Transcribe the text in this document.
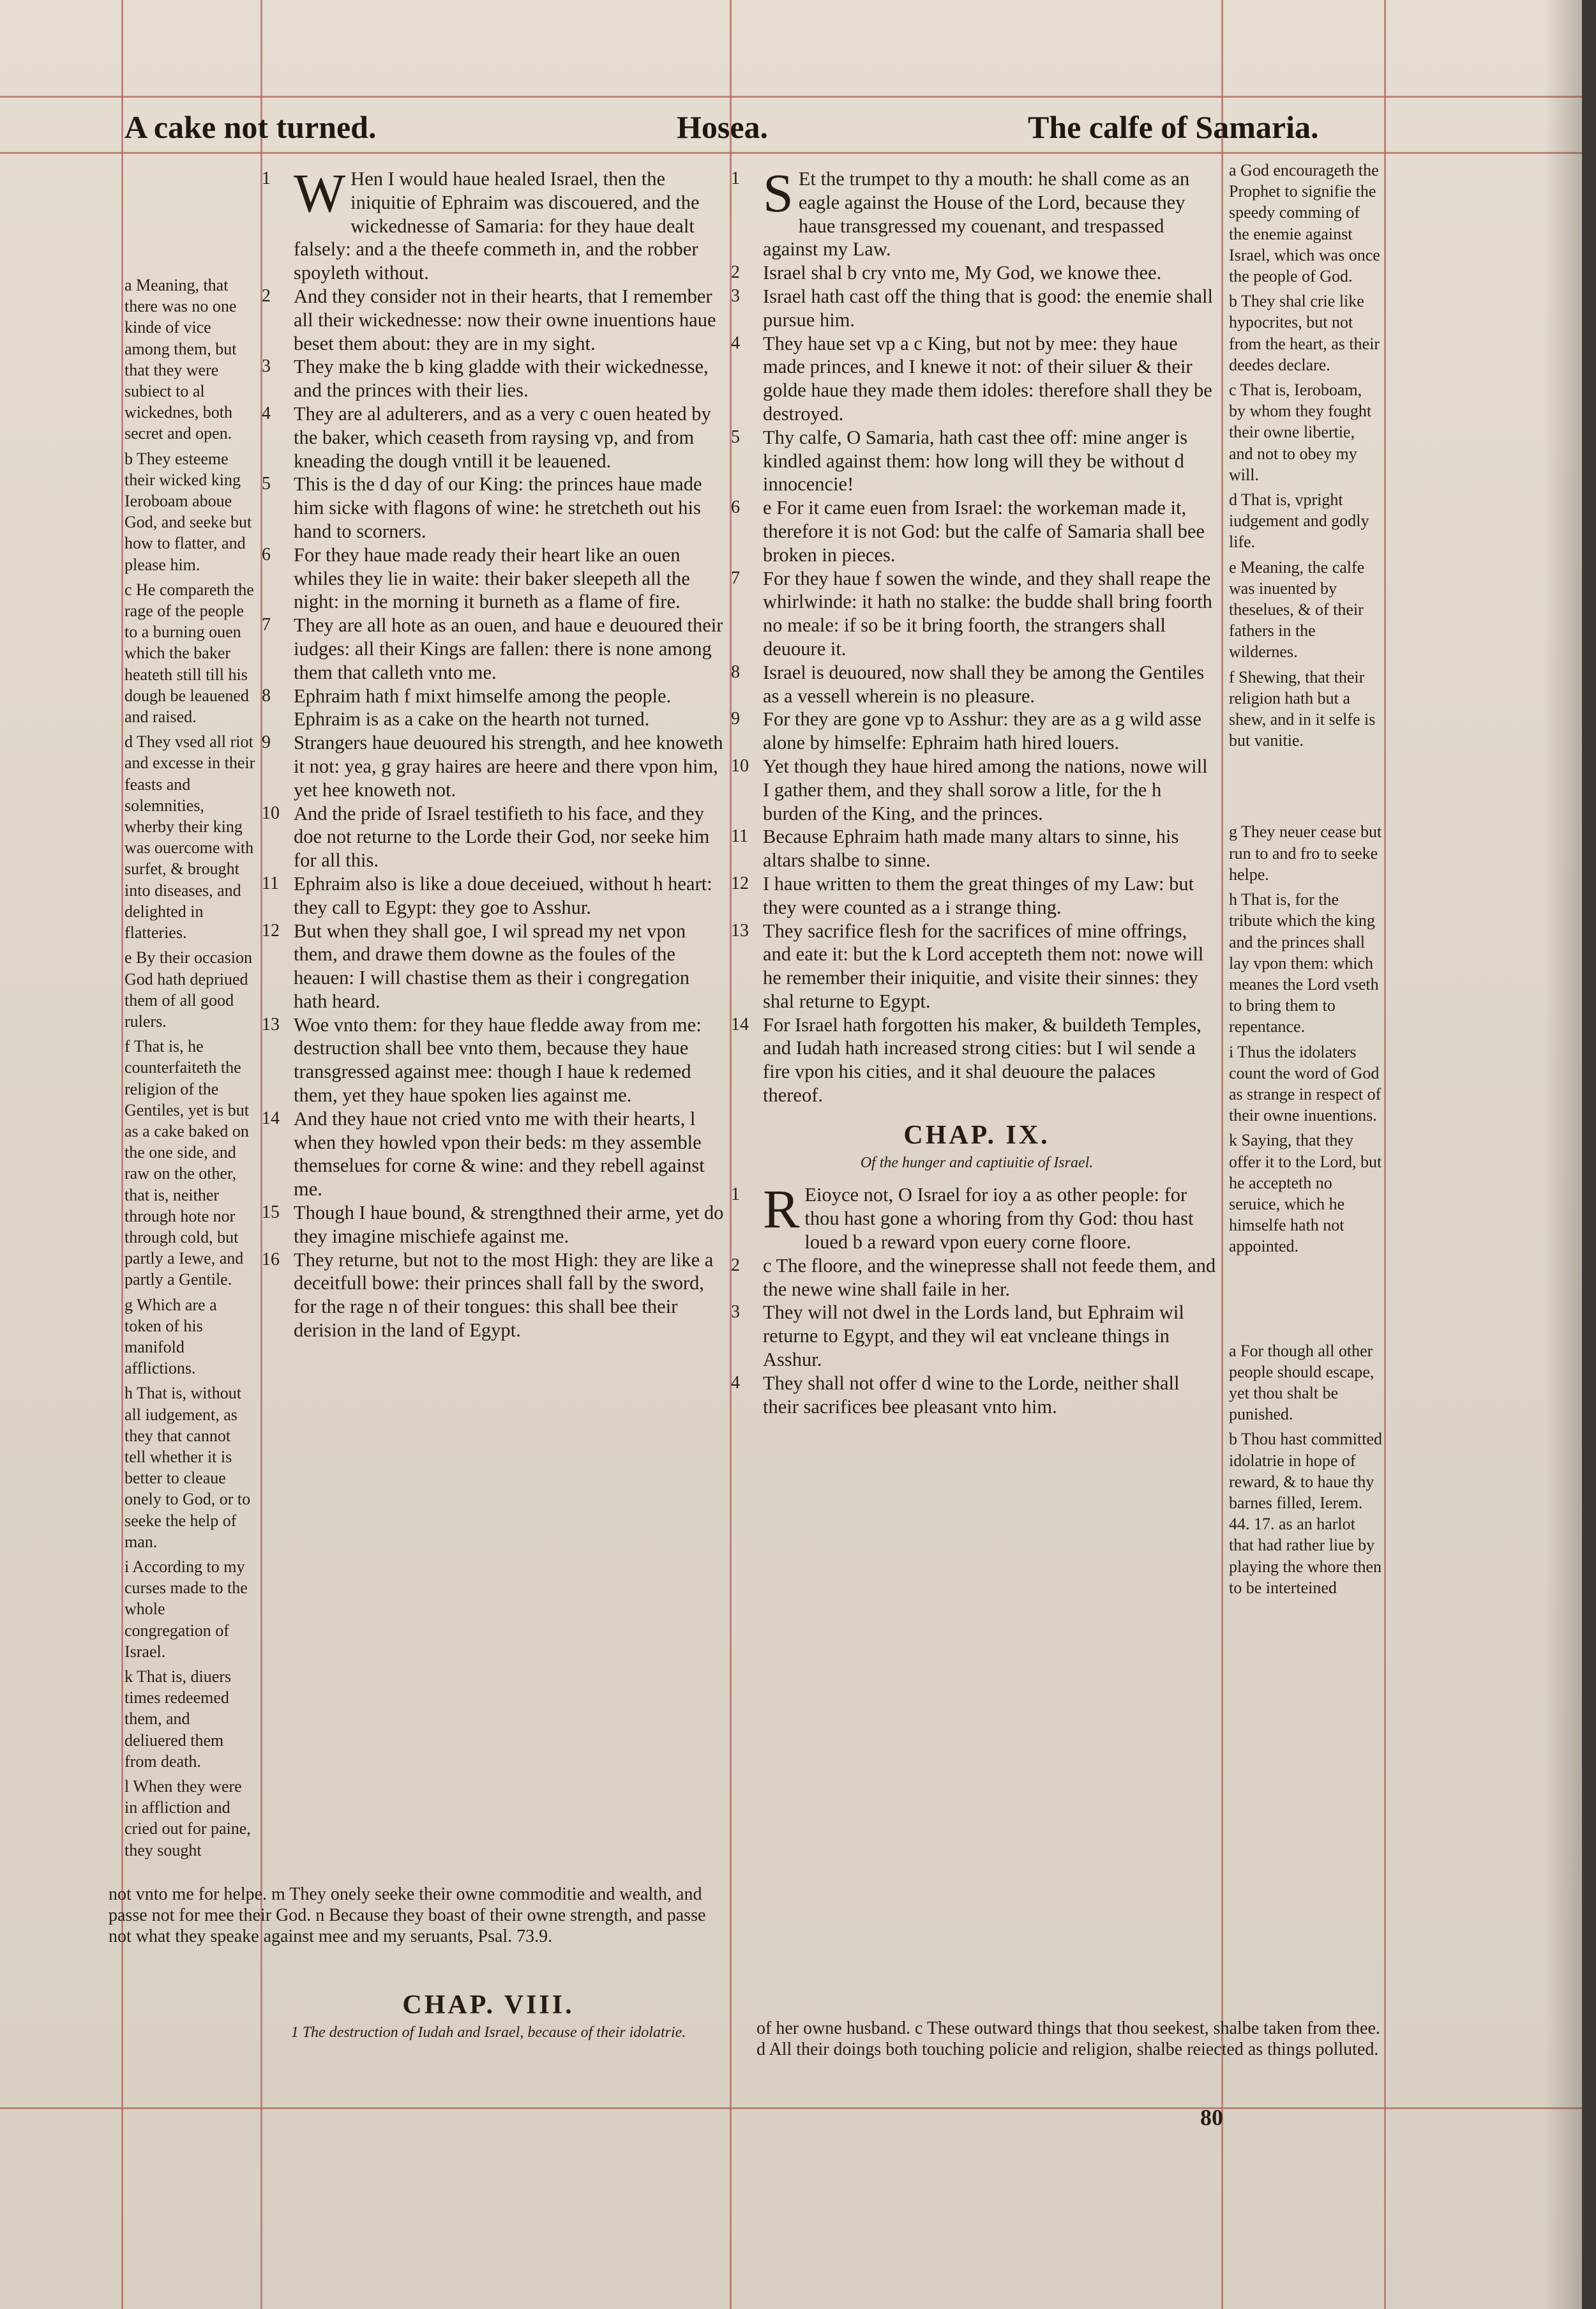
A cake not turned.	Hosea.	The calfe of Samaria.
a Meaning, that there was no one kinde of vice among them, but that they were subiect to al wickednes, both secret and open.
b They esteeme their wicked king Ieroboam aboue God, and seeke but how to flatter, and please him.
c He compareth the rage of the people to a burning ouen which the baker heateth still till his dough be leauened and raised.
d They vsed all riot and excesse in their feasts and solemnities, wherby their king was ouercome with surfet, & brought into diseases, and delighted in flatteries.
e By their occasion God hath depriued them of all good rulers.
f That is, he counterfaiteth the religion of the Gentiles, yet is but as a cake baked on the one side, and raw on the other, that is, neither through hote nor through cold, but partly a Iewe, and partly a Gentile.
g Which are a token of his manifold afflictions.
h That is, without all iudgement, as they that cannot tell whether it is better to cleaue onely to God, or to seeke the help of man.
i According to my curses made to the whole congregation of Israel.
k That is, diuers times redeemed them, and deliuered them from death.
l When they were in affliction and cried out for paine, they sought
1 W Hen I would haue healed Israel, then the iniquitie of Ephraim was discouered, and the wickednesse of Samaria: for they haue dealt falsely: and a the theefe commeth in, and the robber spoyleth without.
2 And they consider not in their hearts, that I remember all their wickednesse: now their owne inuentions haue beset them about: they are in my sight.
3 They make the b king gladde with their wickednesse, and the princes with their lies.
4 They are al adulterers, and as a very c ouen heated by the baker, which ceaseth from raysing vp, and from kneading the dough vntill it be leauened.
5 This is the d day of our King: the princes haue made him sicke with flagons of wine: he stretcheth out his hand to scorners.
6 For they haue made ready their heart like an ouen whiles they lie in waite: their baker sleepeth all the night: in the morning it burneth as a flame of fire.
7 They are all hote as an ouen, and haue e deuoured their iudges: all their Kings are fallen: there is none among them that calleth vnto me.
8 Ephraim hath f mixt himselfe among the people. Ephraim is as a cake on the hearth not turned.
9 Strangers haue deuoured his strength, and hee knoweth it not: yea, g gray haires are heere and there vpon him, yet hee knoweth not.
10 And the pride of Israel testifieth to his face, and they doe not returne to the Lorde their God, nor seeke him for all this.
11 Ephraim also is like a doue deceiued, without h heart: they call to Egypt: they goe to Asshur.
12 But when they shall goe, I wil spread my net vpon them, and drawe them downe as the foules of the heauen: I will chastise them as their i congregation hath heard.
13 Woe vnto them: for they haue fledde away from me: destruction shall bee vnto them, because they haue transgressed against mee: though I haue k redemed them, yet they haue spoken lies against me.
14 And they haue not cried vnto me with their hearts, l when they howled vpon their beds: m they assemble themselues for corne & wine: and they rebell against me.
15 Though I haue bound, & strengthned their arme, yet do they imagine mischiefe against me.
16 They returne, but not to the most High: they are like a deceitfull bowe: their princes shall fall by the sword, for the rage n of their tongues: this shall bee their derision in the land of Egypt.
not vnto me for helpe. m They onely seeke their owne commoditie and wealth, and passe not for mee their God. n Because they boast of their owne strength, and passe not what they speake against mee and my seruants, Psal. 73.9.
CHAP. VIII.
1 The destruction of Iudah and Israel, because of their idolatrie.
1 S Et the trumpet to thy a mouth: he shall come as an eagle against the House of the Lord, because they haue transgressed my couenant, and trespassed against my Law.
2 Israel shal b cry vnto me, My God, we knowe thee.
3 Israel hath cast off the thing that is good: the enemie shall pursue him.
4 They haue set vp a c King, but not by mee: they haue made princes, and I knewe it not: of their siluer & their golde haue they made them idoles: therefore shall they be destroyed.
5 Thy calfe, O Samaria, hath cast thee off: mine anger is kindled against them: how long will they be without d innocencie!
6 e For it came euen from Israel: the workeman made it, therefore it is not God: but the calfe of Samaria shall bee broken in pieces.
7 For they haue f sowen the winde, and they shall reape the whirlwinde: it hath no stalke: the budde shall bring foorth no meale: if so be it bring foorth, the strangers shall deuoure it.
8 Israel is deuoured, now shall they be among the Gentiles as a vessell wherein is no pleasure.
9 For they are gone vp to Asshur: they are as a g wild asse alone by himselfe: Ephraim hath hired louers.
10 Yet though they haue hired among the nations, nowe will I gather them, and they shall sorow a litle, for the h burden of the King, and the princes.
11 Because Ephraim hath made many altars to sinne, his altars shalbe to sinne.
12 I haue written to them the great thinges of my Law: but they were counted as a i strange thing.
13 They sacrifice flesh for the sacrifices of mine offrings, and eate it: but the k Lord accepteth them not: nowe will he remember their iniquitie, and visite their sinnes: they shal returne to Egypt.
14 For Israel hath forgotten his maker, & buildeth Temples, and Iudah hath increased strong cities: but I wil sende a fire vpon his cities, and it shal deuoure the palaces thereof.
CHAP. IX.
Of the hunger and captiuitie of Israel.
1 R Eioyce not, O Israel for ioy a as other people: for thou hast gone a whoring from thy God: thou hast loued b a reward vpon euery corne floore.
2 c The floore, and the winepresse shall not feede them, and the newe wine shall faile in her.
3 They will not dwel in the Lords land, but Ephraim wil returne to Egypt, and they wil eat vncleane things in Asshur.
4 They shall not offer d wine to the Lorde, neither shall their sacrifices bee pleasant vnto him.
of her owne husband. c These outward things that thou seekest, shalbe taken from thee. d All their doings both touching policie and religion, shalbe reiected as things polluted.
a God encourageth the Prophet to signifie the speedy comming of the enemie against Israel, which was once the people of God.
b They shal crie like hypocrites, but not from the heart, as their deedes declare.
c That is, Ieroboam, by whom they fought their owne libertie, and not to obey my will.
d That is, vpright iudgement and godly life.
e Meaning, the calfe was inuented by theselues, & of their fathers in the wildernes.
f Shewing, that their religion hath but a shew, and in it selfe is but vanitie.
g They neuer cease but run to and fro to seeke helpe.
h That is, for the tribute which the king and the princes shall lay vpon them: which meanes the Lord vseth to bring them to repentance.
i Thus the idolaters count the word of God as strange in respect of their owne inuentions.
k Saying, that they offer it to the Lord, but he accepteth no seruice, which he himselfe hath not appointed.
a For though all other people should escape, yet thou shalt be punished.
b Thou hast committed idolatrie in hope of reward, & to haue thy barnes filled, Ierem. 44. 17. as an harlot that had rather liue by playing the whore then to be interteined
80
